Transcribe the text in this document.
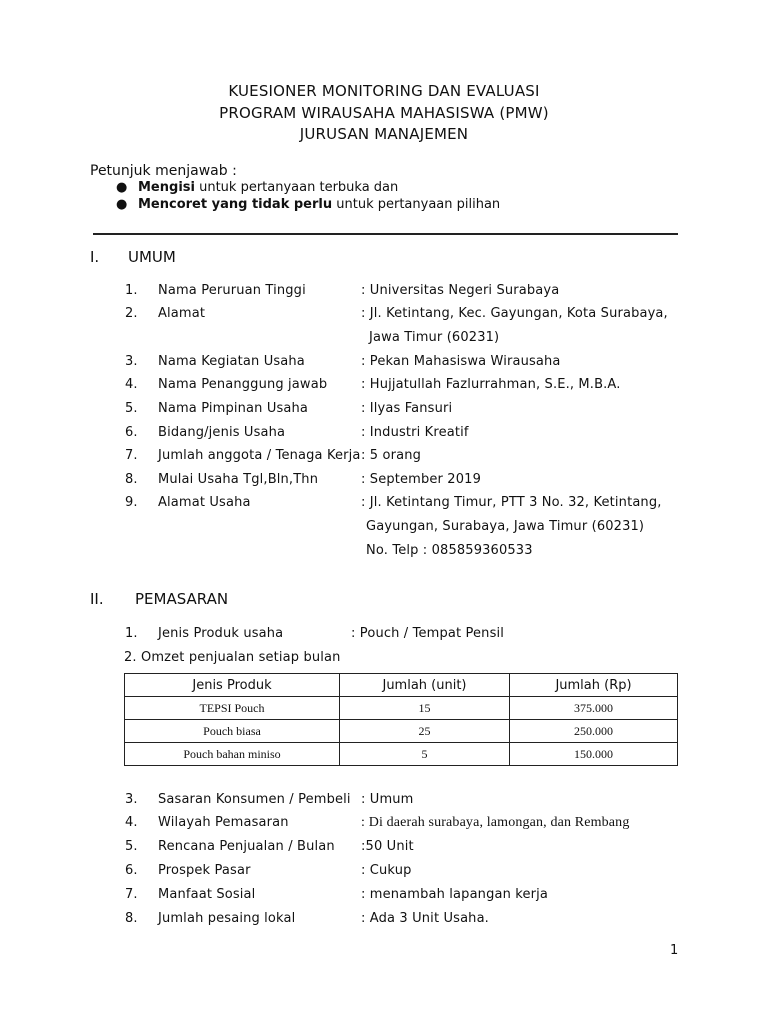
KUESIONER MONITORING DAN EVALUASI
PROGRAM WIRAUSAHA MAHASISWA (PMW)
JURUSAN MANAJEMEN
Petunjuk menjawab :
● Mengisi untuk pertanyaan terbuka dan
● Mencoret yang tidak perlu untuk pertanyaan pilihan
I. UMUM
1. Nama Peruruan Tinggi	: Universitas Negeri Surabaya
2. Alamat	: Jl. Ketintang, Kec. Gayungan, Kota Surabaya,
Jawa Timur (60231)
3. Nama Kegiatan Usaha	: Pekan Mahasiswa Wirausaha
4. Nama Penanggung jawab	: Hujjatullah Fazlurrahman, S.E., M.B.A.
5. Nama Pimpinan Usaha	: Ilyas Fansuri
6. Bidang/jenis Usaha	: Industri Kreatif
7. Jumlah anggota / Tenaga Kerja : 5 orang
8. Mulai Usaha Tgl,Bln,Thn	: September 2019
9. Alamat Usaha	: Jl. Ketintang Timur, PTT 3 No. 32, Ketintang,
Gayungan, Surabaya, Jawa Timur (60231)
No. Telp : 085859360533
II. PEMASARAN
1. Jenis Produk usaha	: Pouch / Tempat Pensil
2. Omzet penjualan setiap bulan
Jenis Produk	Jumlah (unit)	Jumlah (Rp)
TEPSI Pouch	15	375.000
Pouch biasa	25	250.000
Pouch bahan miniso	5	150.000
3. Sasaran Konsumen / Pembeli : Umum
4. Wilayah Pemasaran	: Di daerah surabaya, lamongan, dan Rembang
5. Rencana Penjualan / Bulan :50 Unit
6. Prospek Pasar	: Cukup
7. Manfaat Sosial	: menambah lapangan kerja
8. Jumlah pesaing lokal	: Ada 3 Unit Usaha.
1
